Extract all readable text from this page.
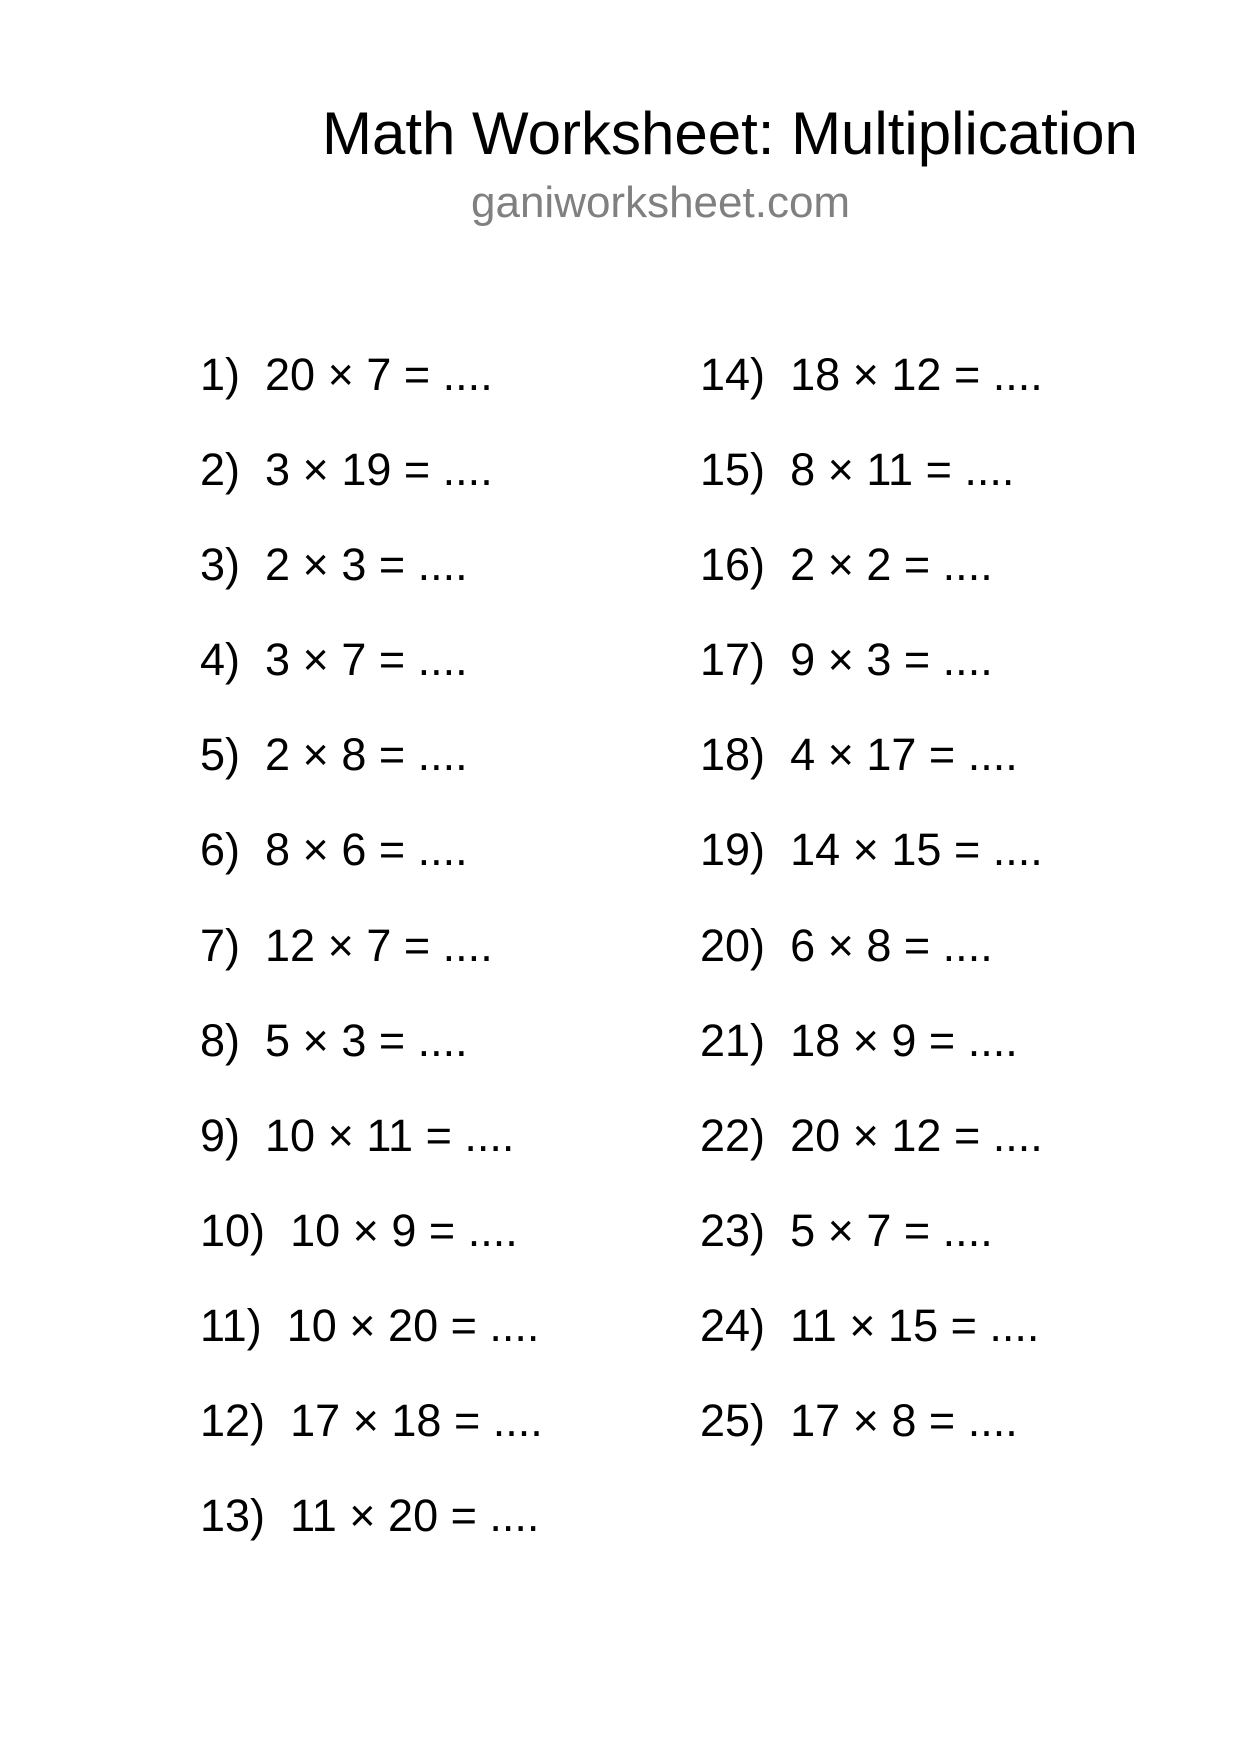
Math Worksheet: Multiplication
ganiworksheet.com
1) 20 × 7 = ....
2) 3 × 19 = ....
3) 2 × 3 = ....
4) 3 × 7 = ....
5) 2 × 8 = ....
6) 8 × 6 = ....
7) 12 × 7 = ....
8) 5 × 3 = ....
9) 10 × 11 = ....
10) 10 × 9 = ....
11) 10 × 20 = ....
12) 17 × 18 = ....
13) 11 × 20 = ....
14) 18 × 12 = ....
15) 8 × 11 = ....
16) 2 × 2 = ....
17) 9 × 3 = ....
18) 4 × 17 = ....
19) 14 × 15 = ....
20) 6 × 8 = ....
21) 18 × 9 = ....
22) 20 × 12 = ....
23) 5 × 7 = ....
24) 11 × 15 = ....
25) 17 × 8 = ....
